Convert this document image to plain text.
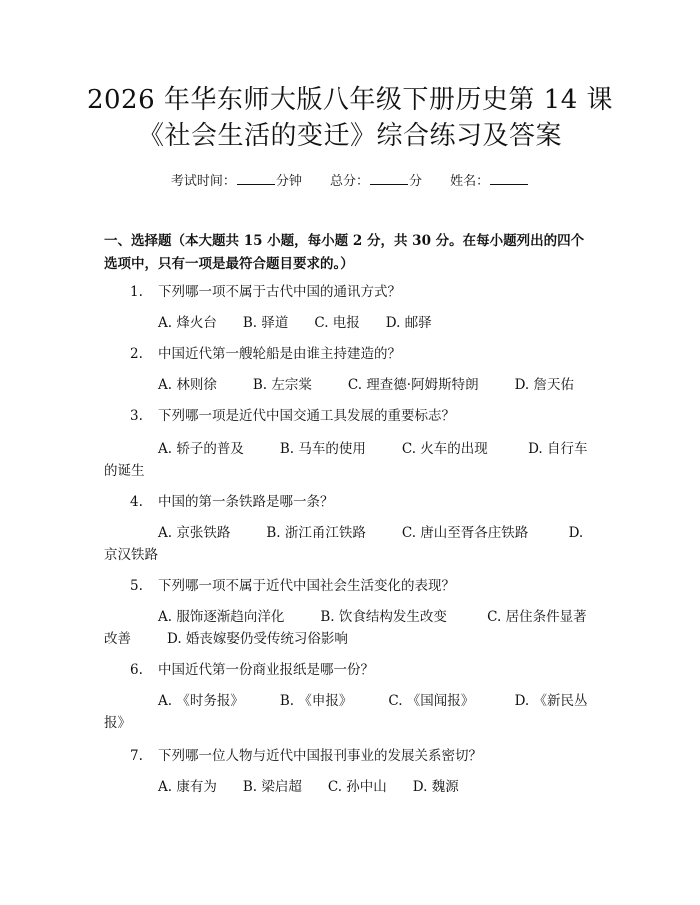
2026 年华东师大版八年级下册历史第 14 课
《社会生活的变迁》综合练习及答案
考试时间：	分钟 总分：	分 姓名：
一、选择题（本大题共 15 小题，每小题 2 分，共 30 分。在每小题列出的四个选项中，只有一项是最符合题目要求的。）
1. 下列哪一项不属于古代中国的通讯方式？
A. 烽火台 B. 驿道 C. 电报 D. 邮驿
2. 中国近代第一艘轮船是由谁主持建造的？
A. 林则徐	B. 左宗棠	C. 理查德·阿姆斯特朗	D. 詹天佑
3. 下列哪一项是近代中国交通工具发展的重要标志？
A. 轿子的普及	B. 马车的使用	C. 火车的出现	D. 自行车的诞生
4. 中国的第一条铁路是哪一条？
A. 京张铁路	B. 浙江甬江铁路	C. 唐山至胥各庄铁路	D. 京汉铁路
5. 下列哪一项不属于近代中国社会生活变化的表现？
A. 服饰逐渐趋向洋化	B. 饮食结构发生改变	C. 居住条件显著改善	D. 婚丧嫁娶仍受传统习俗影响
6. 中国近代第一份商业报纸是哪一份？
A. 《时务报》	B. 《申报》	C. 《国闻报》	D. 《新民丛报》
7. 下列哪一位人物与近代中国报刊事业的发展关系密切？
A. 康有为 B. 梁启超 C. 孙中山 D. 魏源
